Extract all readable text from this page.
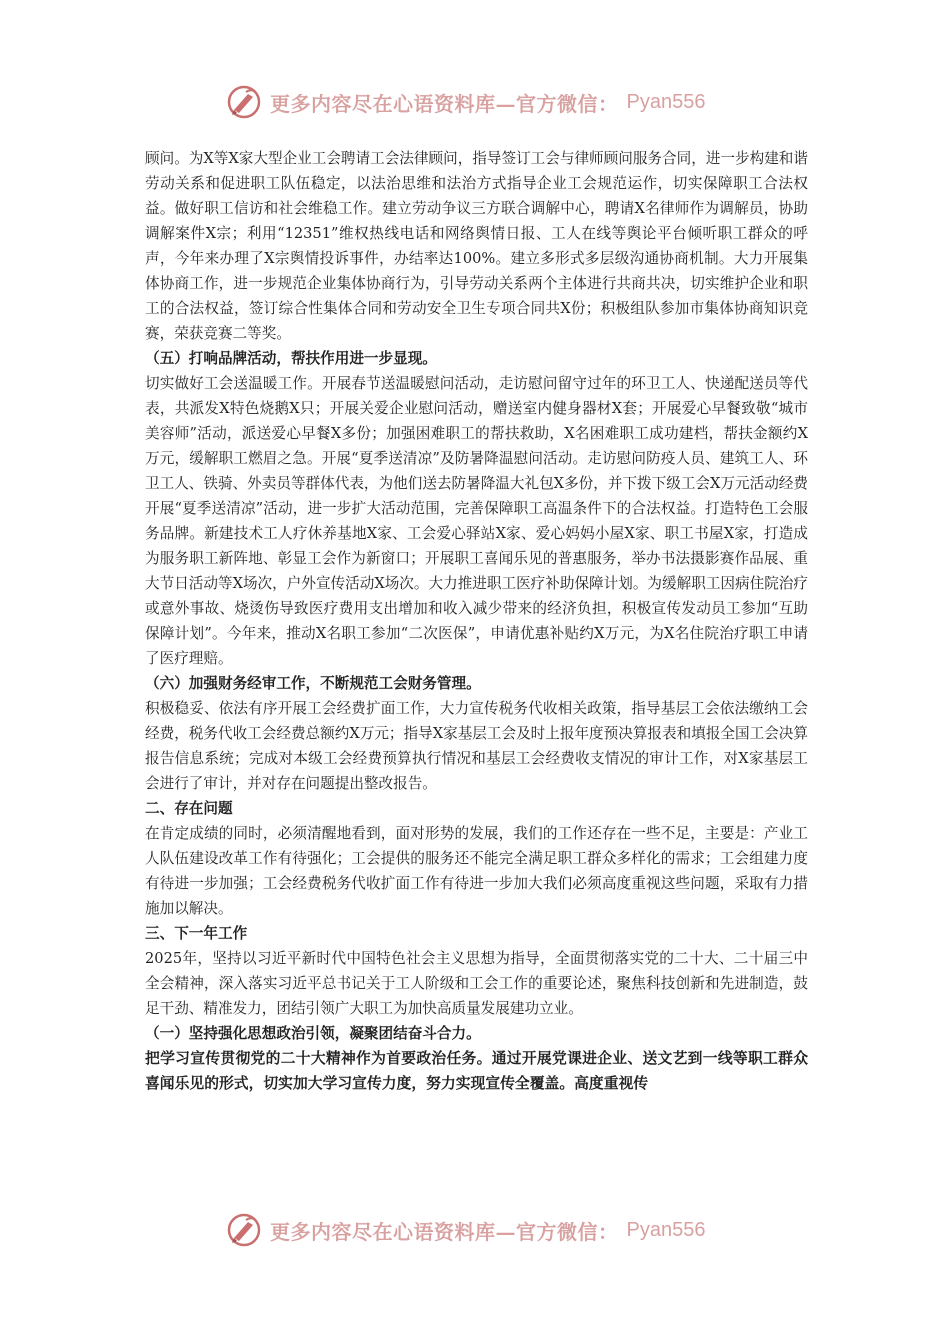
更多内容尽在心语资料库—官方微信： Pyan556

顾问。为X等X家大型企业工会聘请工会法律顾问，指导签订工会与律师顾问服务合同，进一步构建和谐劳动关系和促进职工队伍稳定，以法治思维和法治方式指导企业工会规范运作，切实保障职工合法权益。做好职工信访和社会维稳工作。建立劳动争议三方联合调解中心，聘请X名律师作为调解员，协助调解案件X宗；利用“12351”维权热线电话和网络舆情日报、工人在线等舆论平台倾听职工群众的呼声，今年来办理了X宗舆情投诉事件，办结率达100%。建立多形式多层级沟通协商机制。大力开展集体协商工作，进一步规范企业集体协商行为，引导劳动关系两个主体进行共商共决，切实维护企业和职工的合法权益，签订综合性集体合同和劳动安全卫生专项合同共X份；积极组队参加市集体协商知识竞赛，荣获竞赛二等奖。

（五）打响品牌活动，帮扶作用进一步显现。

切实做好工会送温暖工作。开展春节送温暖慰问活动，走访慰问留守过年的环卫工人、快递配送员等代表，共派发X特色烧鹅X只；开展关爱企业慰问活动，赠送室内健身器材X套；开展爱心早餐致敬“城市美容师”活动，派送爱心早餐X多份；加强困难职工的帮扶救助，X名困难职工成功建档，帮扶金额约X万元，缓解职工燃眉之急。开展“夏季送清凉”及防暑降温慰问活动。走访慰问防疫人员、建筑工人、环卫工人、铁骑、外卖员等群体代表，为他们送去防暑降温大礼包X多份，并下拨下级工会X万元活动经费开展“夏季送清凉”活动，进一步扩大活动范围，完善保障职工高温条件下的合法权益。打造特色工会服务品牌。新建技术工人疗休养基地X家、工会爱心驿站X家、爱心妈妈小屋X家、职工书屋X家，打造成为服务职工新阵地、彰显工会作为新窗口；开展职工喜闻乐见的普惠服务，举办书法摄影赛作品展、重大节日活动等X场次，户外宣传活动X场次。大力推进职工医疗补助保障计划。为缓解职工因病住院治疗或意外事故、烧烫伤导致医疗费用支出增加和收入减少带来的经济负担，积极宣传发动员工参加“互助保障计划”。今年来，推动X名职工参加“二次医保”，申请优惠补贴约X万元，为X名住院治疗职工申请了医疗理赔。

（六）加强财务经审工作，不断规范工会财务管理。

积极稳妥、依法有序开展工会经费扩面工作，大力宣传税务代收相关政策，指导基层工会依法缴纳工会经费，税务代收工会经费总额约X万元；指导X家基层工会及时上报年度预决算报表和填报全国工会决算报告信息系统；完成对本级工会经费预算执行情况和基层工会经费收支情况的审计工作，对X家基层工会进行了审计，并对存在问题提出整改报告。

二、存在问题

在肯定成绩的同时，必须清醒地看到，面对形势的发展，我们的工作还存在一些不足，主要是：产业工人队伍建设改革工作有待强化；工会提供的服务还不能完全满足职工群众多样化的需求；工会组建力度有待进一步加强；工会经费税务代收扩面工作有待进一步加大我们必须高度重视这些问题，采取有力措施加以解决。

三、下一年工作

2025年，坚持以习近平新时代中国特色社会主义思想为指导，全面贯彻落实党的二十大、二十届三中全会精神，深入落实习近平总书记关于工人阶级和工会工作的重要论述，聚焦科技创新和先进制造，鼓足干劲、精准发力，团结引领广大职工为加快高质量发展建功立业。

（一）坚持强化思想政治引领，凝聚团结奋斗合力。

把学习宣传贯彻党的二十大精神作为首要政治任务。通过开展党课进企业、送文艺到一线等职工群众喜闻乐见的形式，切实加大学习宣传力度，努力实现宣传全覆盖。高度重视传

更多内容尽在心语资料库—官方微信： Pyan556
